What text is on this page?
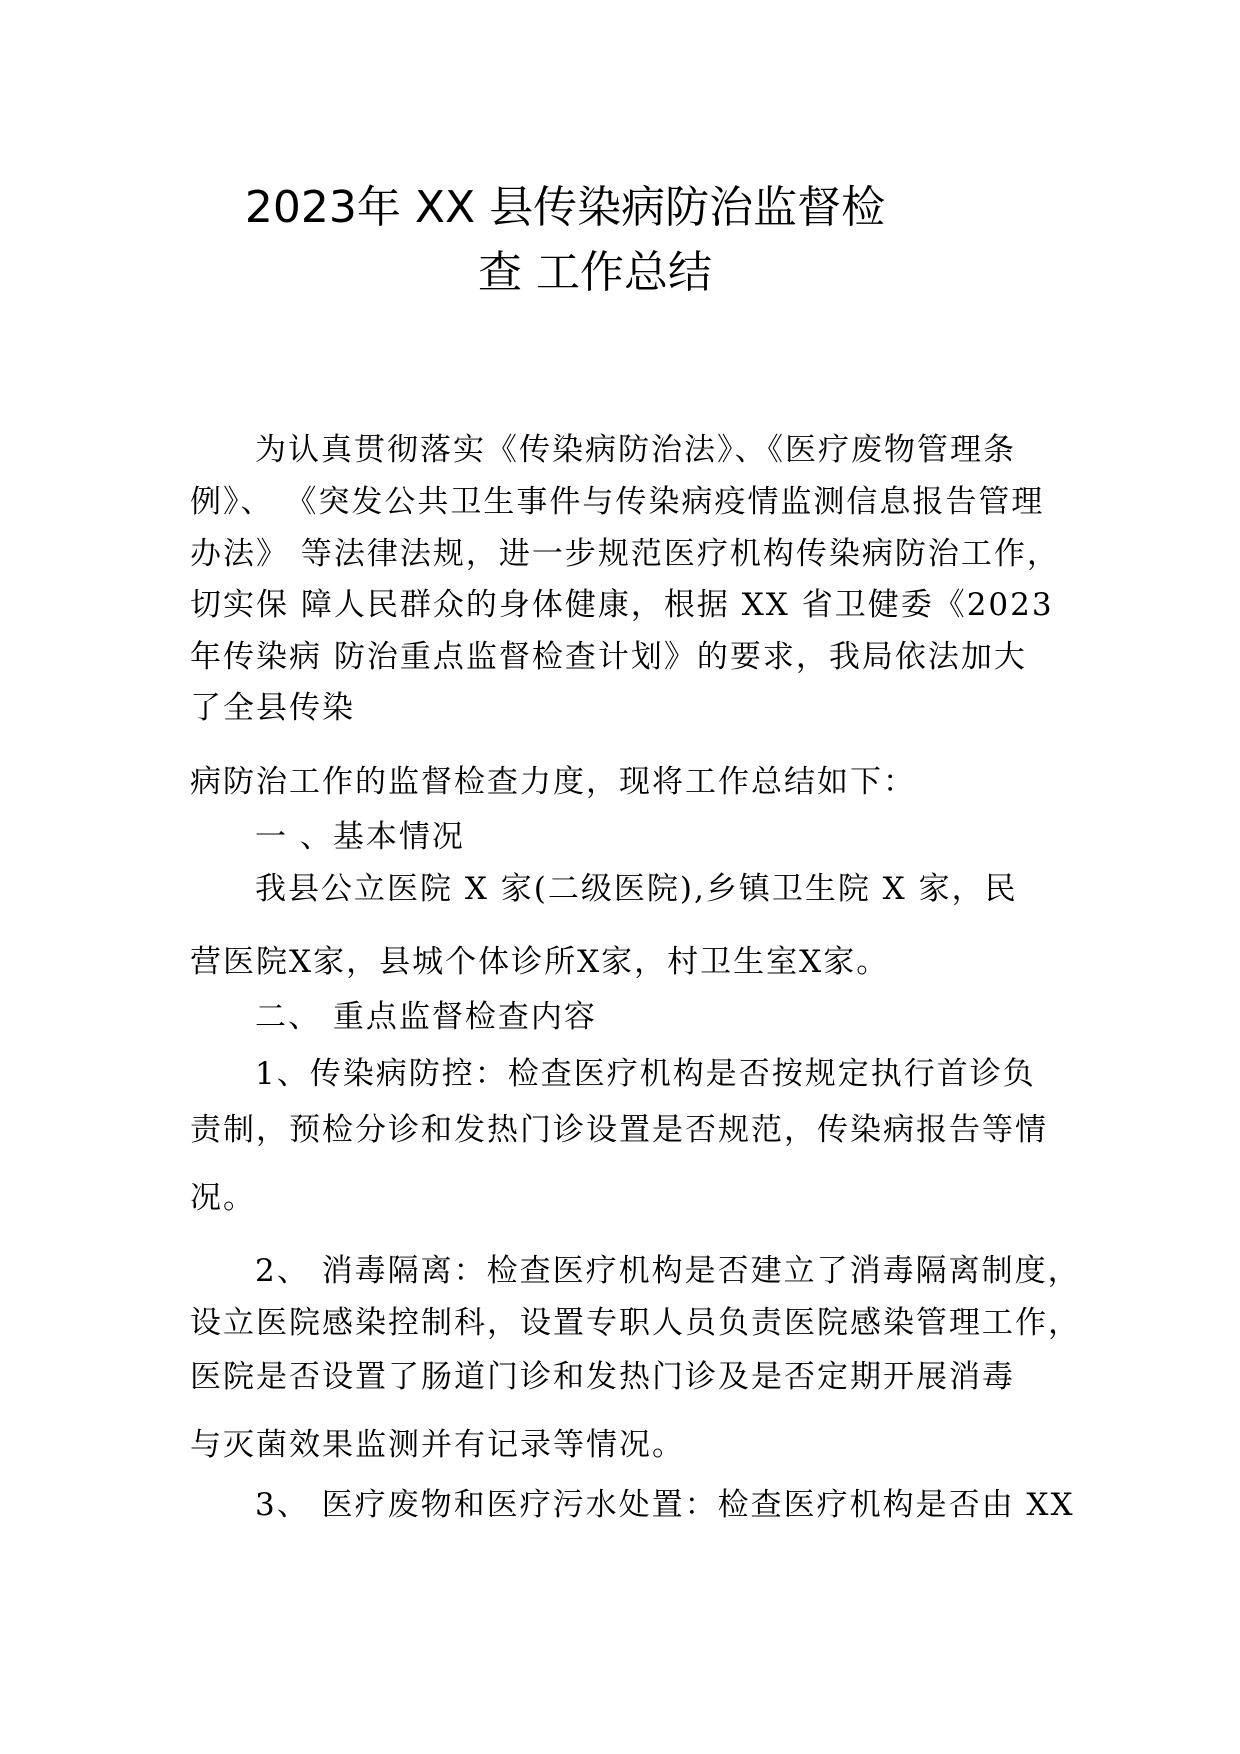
2023年 XX 县传染病防治监督检
查 工作总结
为认真贯彻落实《传染病防治法》、《医疗废物管理条
例》、 《突发公共卫生事件与传染病疫情监测信息报告管理
办法》 等法律法规，进一步规范医疗机构传染病防治工作，
切实保 障人民群众的身体健康，根据 XX 省卫健委《2023
年传染病 防治重点监督检查计划》的要求，我局依法加大
了全县传染
病防治工作的监督检查力度，现将工作总结如下：
一 、基本情况
我县公立医院 X 家(二级医院),乡镇卫生院 X 家，民
营医院X家，县城个体诊所X家，村卫生室X家。
二、 重点监督检查内容
1、传染病防控：检查医疗机构是否按规定执行首诊负
责制，预检分诊和发热门诊设置是否规范，传染病报告等情
况。
2、 消毒隔离：检查医疗机构是否建立了消毒隔离制度，
设立医院感染控制科，设置专职人员负责医院感染管理工作，
医院是否设置了肠道门诊和发热门诊及是否定期开展消毒
与灭菌效果监测并有记录等情况。
3、 医疗废物和医疗污水处置：检查医疗机构是否由 XX
